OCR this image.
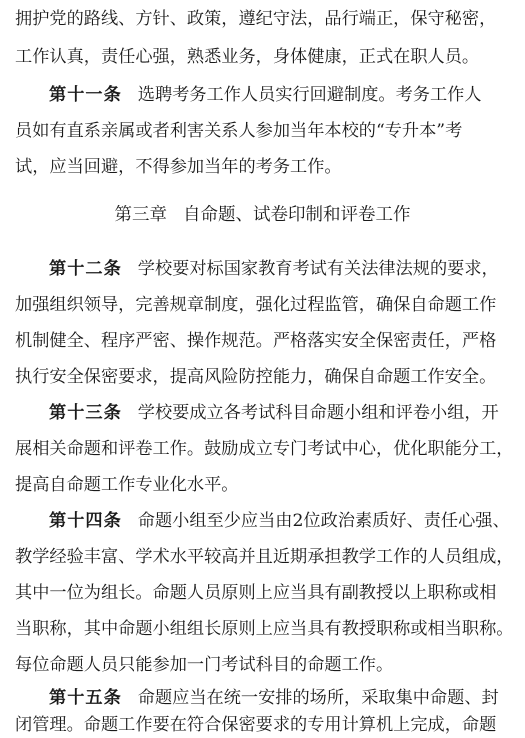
拥护党的路线、方针、政策，遵纪守法，品行端正，保守秘密，
工作认真，责任心强，熟悉业务，身体健康，正式在职人员。
第十一条 选聘考务工作人员实行回避制度。考务工作人
员如有直系亲属或者利害关系人参加当年本校的“专升本”考
试，应当回避，不得参加当年的考务工作。
第三章 自命题、试卷印制和评卷工作
第十二条 学校要对标国家教育考试有关法律法规的要求，
加强组织领导，完善规章制度，强化过程监管，确保自命题工作
机制健全、程序严密、操作规范。严格落实安全保密责任，严格
执行安全保密要求，提高风险防控能力，确保自命题工作安全。
第十三条 学校要成立各考试科目命题小组和评卷小组，开
展相关命题和评卷工作。鼓励成立专门考试中心，优化职能分工，
提高自命题工作专业化水平。
第十四条 命题小组至少应当由2位政治素质好、责任心强、
教学经验丰富、学术水平较高并且近期承担教学工作的人员组成，
其中一位为组长。命题人员原则上应当具有副教授以上职称或相
当职称，其中命题小组组长原则上应当具有教授职称或相当职称。
每位命题人员只能参加一门考试科目的命题工作。
第十五条 命题应当在统一安排的场所，采取集中命题、封
闭管理。命题工作要在符合保密要求的专用计算机上完成，命题
